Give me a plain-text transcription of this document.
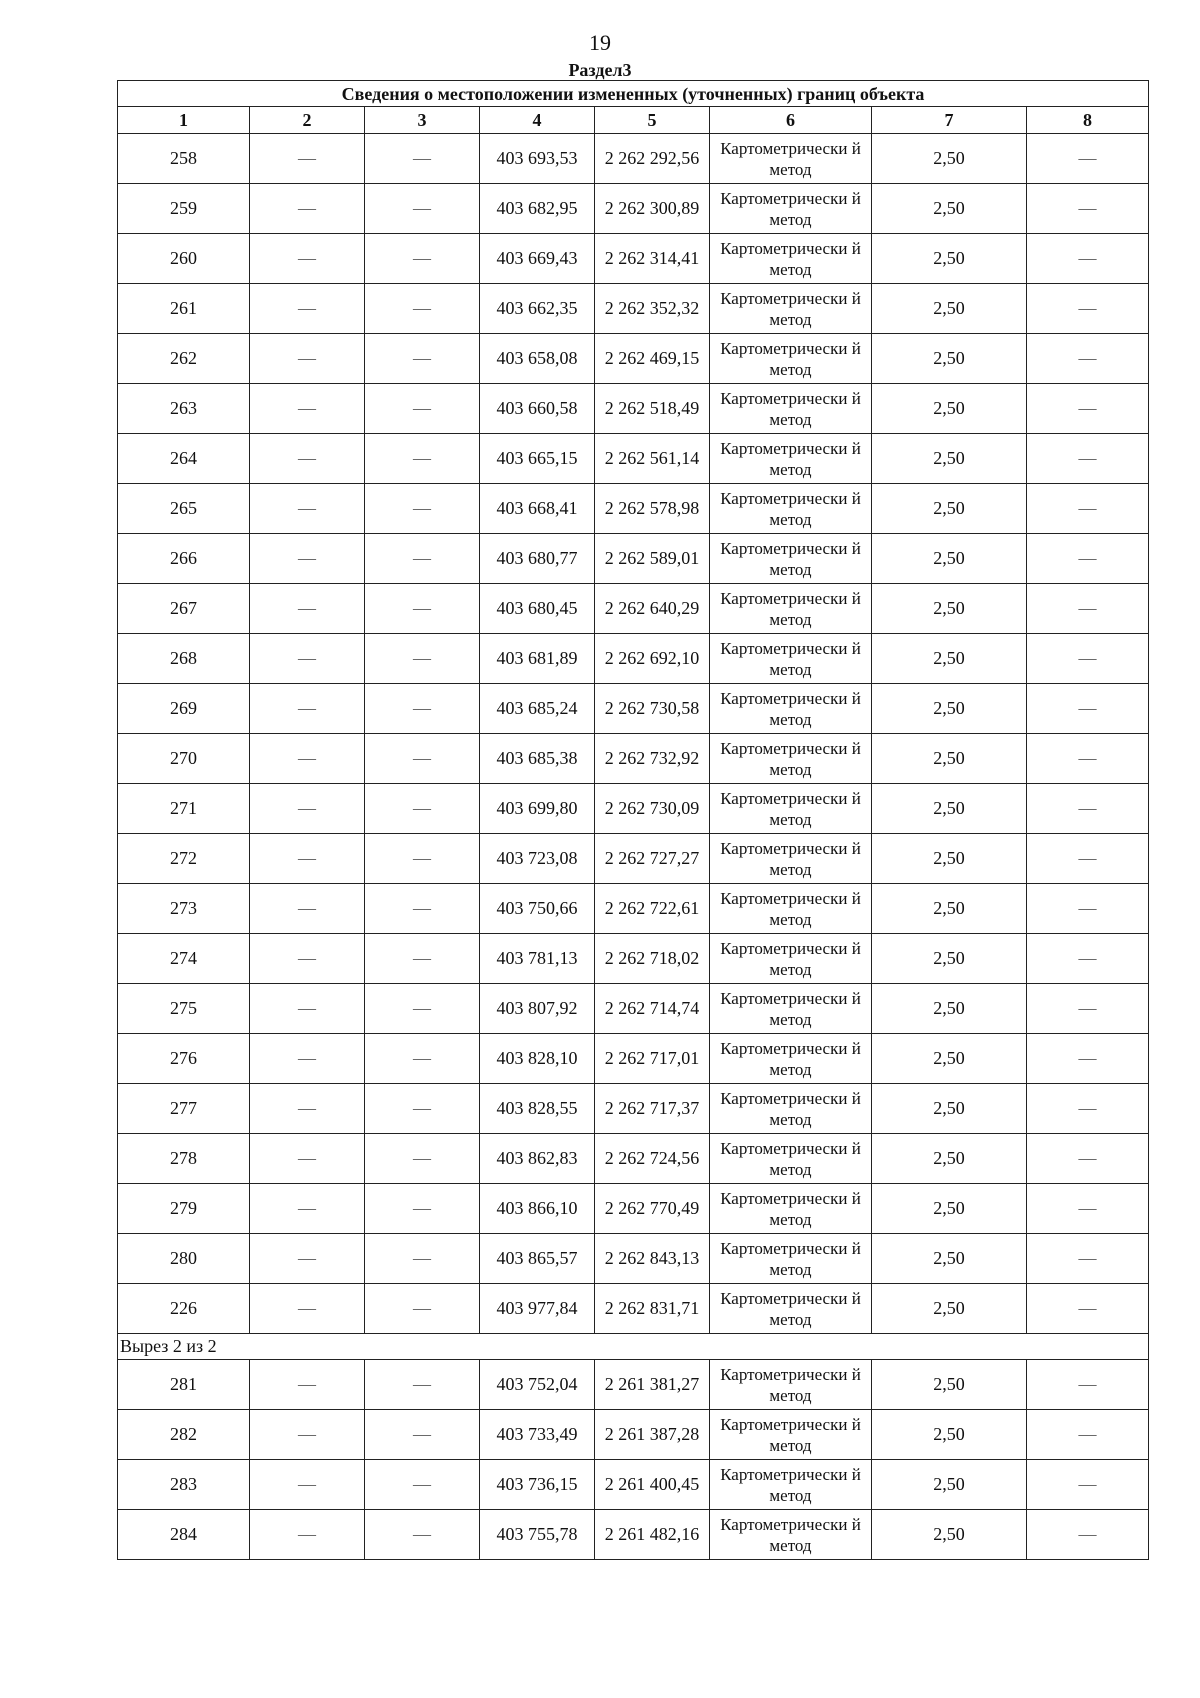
19
Раздел3
Сведения о местоположении измененных (уточненных) границ объекта							
1	2	3	4	5	6	7	8
258	—	—	403 693,53	2 262 292,56	Картометрически й метод	2,50	—
259	—	—	403 682,95	2 262 300,89	Картометрически й метод	2,50	—
260	—	—	403 669,43	2 262 314,41	Картометрически й метод	2,50	—
261	—	—	403 662,35	2 262 352,32	Картометрически й метод	2,50	—
262	—	—	403 658,08	2 262 469,15	Картометрически й метод	2,50	—
263	—	—	403 660,58	2 262 518,49	Картометрически й метод	2,50	—
264	—	—	403 665,15	2 262 561,14	Картометрически й метод	2,50	—
265	—	—	403 668,41	2 262 578,98	Картометрически й метод	2,50	—
266	—	—	403 680,77	2 262 589,01	Картометрически й метод	2,50	—
267	—	—	403 680,45	2 262 640,29	Картометрически й метод	2,50	—
268	—	—	403 681,89	2 262 692,10	Картометрически й метод	2,50	—
269	—	—	403 685,24	2 262 730,58	Картометрически й метод	2,50	—
270	—	—	403 685,38	2 262 732,92	Картометрически й метод	2,50	—
271	—	—	403 699,80	2 262 730,09	Картометрически й метод	2,50	—
272	—	—	403 723,08	2 262 727,27	Картометрически й метод	2,50	—
273	—	—	403 750,66	2 262 722,61	Картометрически й метод	2,50	—
274	—	—	403 781,13	2 262 718,02	Картометрически й метод	2,50	—
275	—	—	403 807,92	2 262 714,74	Картометрически й метод	2,50	—
276	—	—	403 828,10	2 262 717,01	Картометрически й метод	2,50	—
277	—	—	403 828,55	2 262 717,37	Картометрически й метод	2,50	—
278	—	—	403 862,83	2 262 724,56	Картометрически й метод	2,50	—
279	—	—	403 866,10	2 262 770,49	Картометрически й метод	2,50	—
280	—	—	403 865,57	2 262 843,13	Картометрически й метод	2,50	—
226	—	—	403 977,84	2 262 831,71	Картометрически й метод	2,50	—
Вырез 2 из 2							
281	—	—	403 752,04	2 261 381,27	Картометрически й метод	2,50	—
282	—	—	403 733,49	2 261 387,28	Картометрически й метод	2,50	—
283	—	—	403 736,15	2 261 400,45	Картометрически й метод	2,50	—
284	—	—	403 755,78	2 261 482,16	Картометрически й метод	2,50	—
